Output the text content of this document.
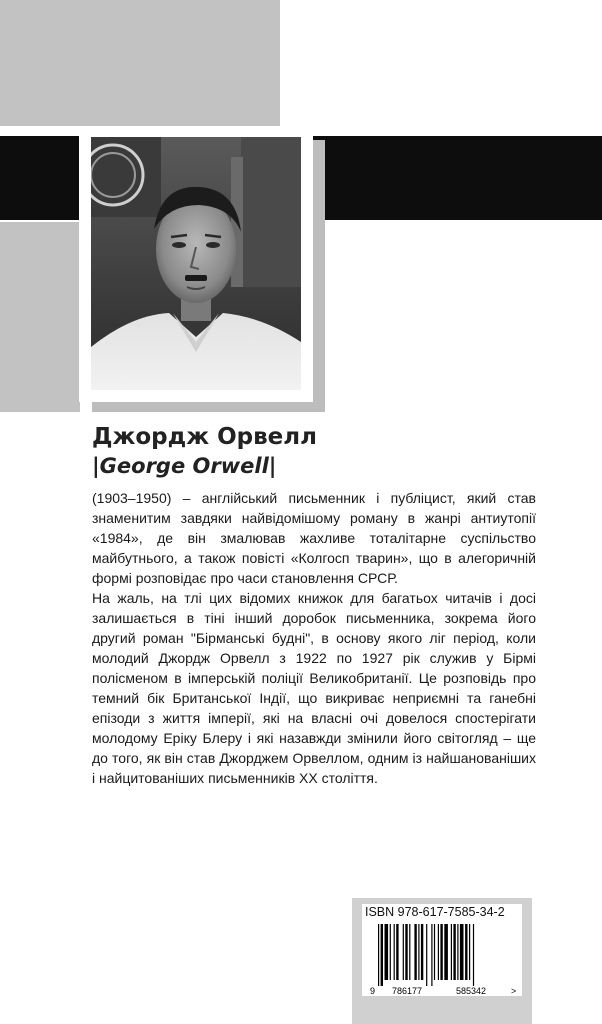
Джордж Орвелл
|George Orwell|

(1903–1950) – англійський письменник і публіцист, який став знаменитим завдяки найвідомішому роману в жанрі антиутопії «1984», де він змалював жахливе тоталітарне суспільство майбутнього, а також повісті «Колгосп тварин», що в алегоричній формі розповідає про часи становлення СРСР.

На жаль, на тлі цих відомих книжок для багатьох читачів і досі залишається в тіні інший доробок письменника, зокрема його другий роман "Бірманські будні", в основу якого ліг період, коли молодий Джордж Орвелл з 1922 по 1927 рік служив у Бірмі полісменом в імперській поліції Великобританії. Це розповідь про темний бік Британської Індії, що викриває неприємні та ганебні епізоди з життя імперії, які на власні очі довелося спостерігати молодому Еріку Блеру і які назавжди змінили його світогляд – ще до того, як він став Джорджем Орвеллом, одним із найшанованіших і найцитованіших письменників XX століття.

ISBN 978-617-7585-34-2

9 786177	585342	>
